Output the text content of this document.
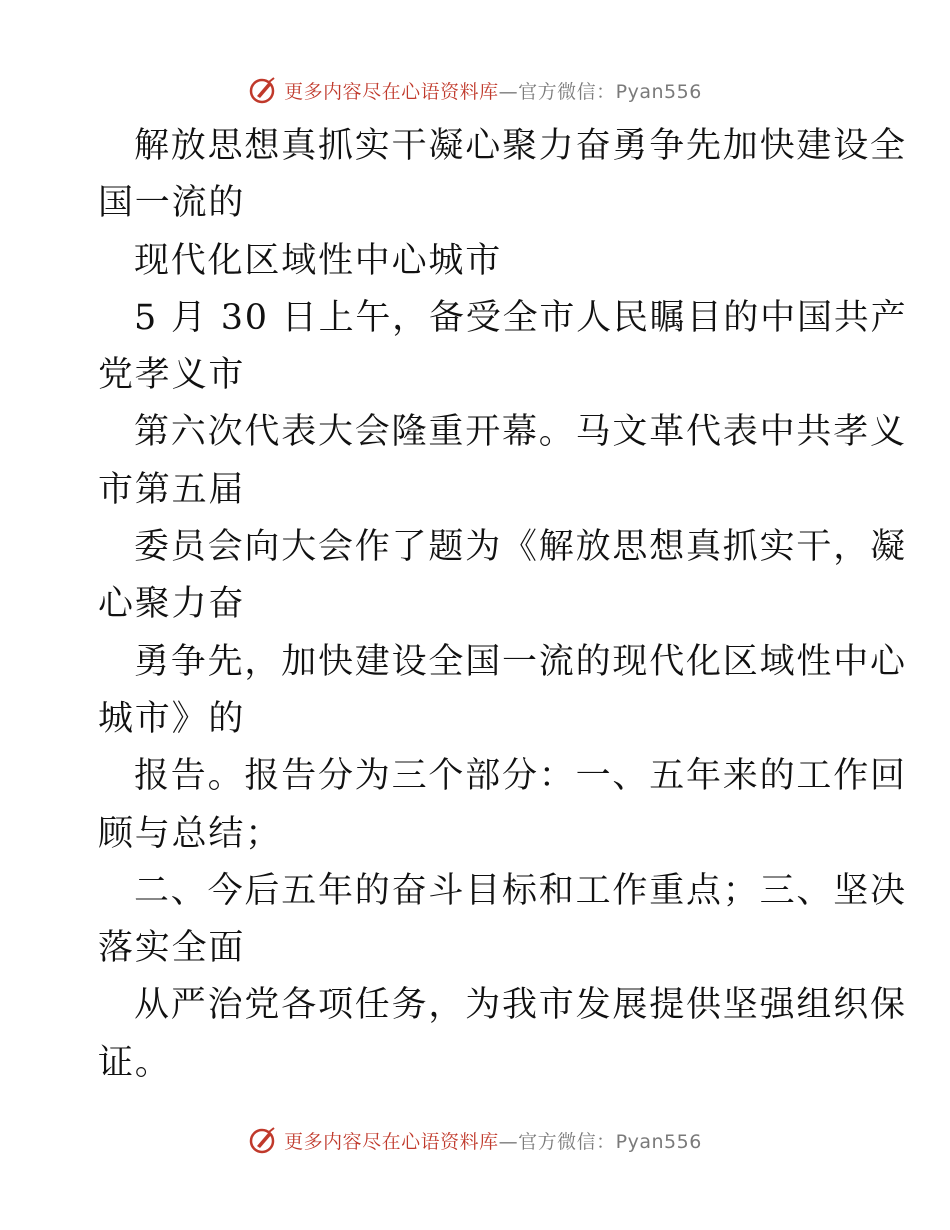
更多内容尽在心语资料库 —官方微信：Pyan556
解放思想真抓实干凝心聚力奋勇争先加快建设全
国一流的
现代化区域性中心城市
5 月 30 日上午，备受全市人民瞩目的中国共产
党孝义市
第六次代表大会隆重开幕。马文革代表中共孝义
市第五届
委员会向大会作了题为《解放思想真抓实干，凝
心聚力奋
勇争先，加快建设全国一流的现代化区域性中心
城市》的
报告。报告分为三个部分：一、五年来的工作回
顾与总结；
二、今后五年的奋斗目标和工作重点；三、坚决
落实全面
从严治党各项任务，为我市发展提供坚强组织保
证。
更多内容尽在心语资料库 —官方微信：Pyan556
